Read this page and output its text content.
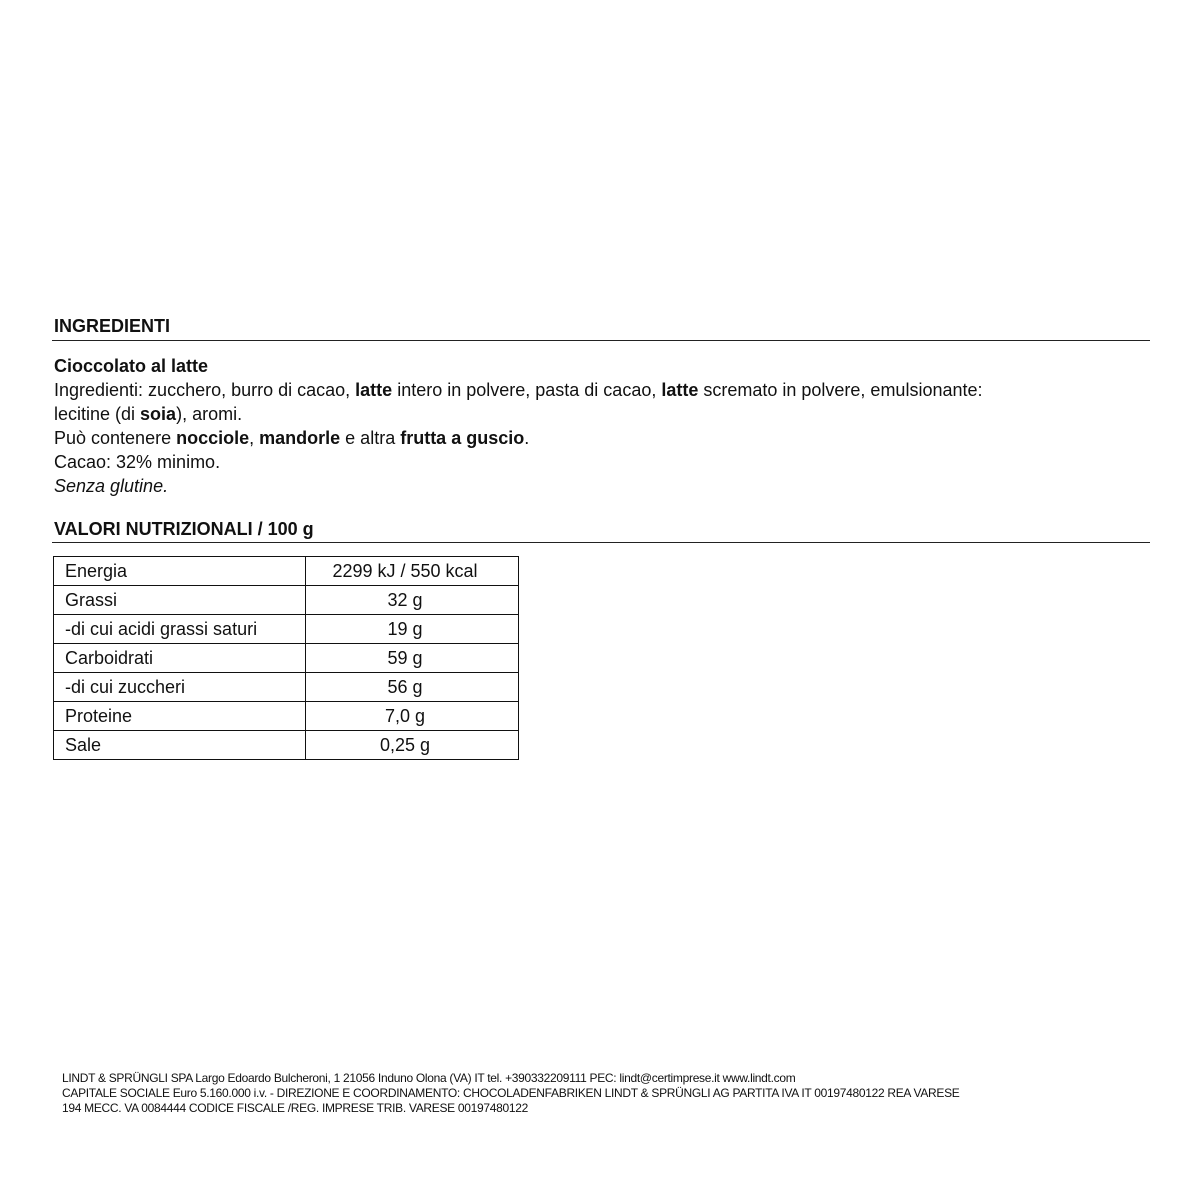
INGREDIENTI

Cioccolato al latte

Ingredienti: zucchero, burro di cacao, latte intero in polvere, pasta di cacao, latte scremato in polvere, emulsionante:

lecitine (di soia), aromi.

Può contenere nocciole, mandorle e altra frutta a guscio.

Cacao: 32% minimo.

Senza glutine.

VALORI NUTRIZIONALI / 100 g
Energia	2299 kJ / 550 kcal
Grassi	32 g
-di cui acidi grassi saturi	19 g
Carboidrati	59 g
-di cui zuccheri	56 g
Proteine	7,0 g
Sale	0,25 g
LINDT & SPRÜNGLI SPA Largo Edoardo Bulcheroni, 1 21056 Induno Olona (VA) IT tel. +390332209111 PEC: lindt@certimprese.it www.lindt.com
CAPITALE SOCIALE Euro 5.160.000 i.v. - DIREZIONE E COORDINAMENTO: CHOCOLADENFABRIKEN LINDT & SPRÜNGLI AG PARTITA IVA IT 00197480122 REA VARESE
194 MECC. VA 0084444 CODICE FISCALE /REG. IMPRESE TRIB. VARESE 00197480122
